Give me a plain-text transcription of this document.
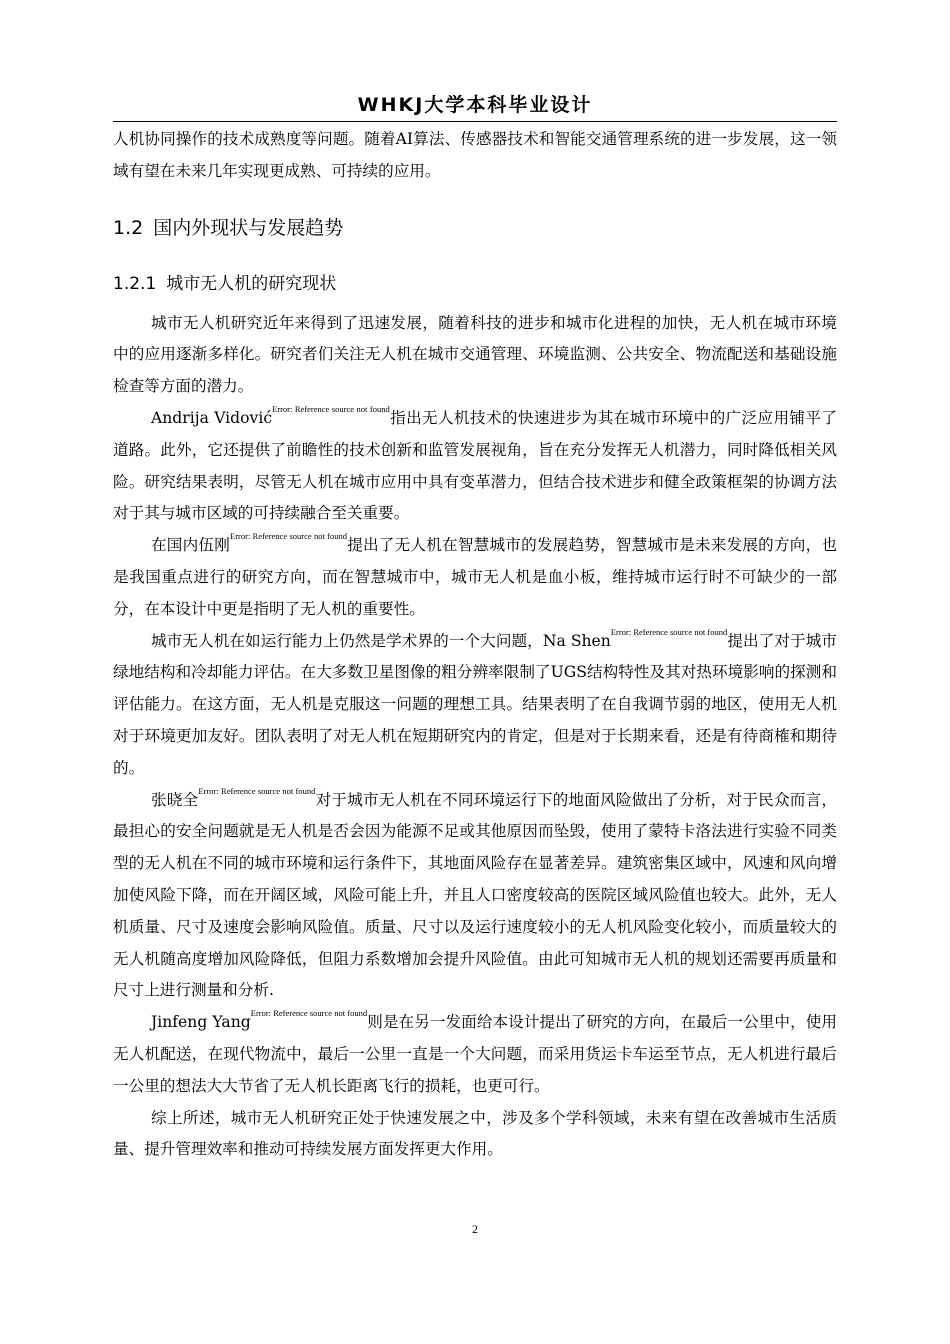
WHKJ大学本科毕业设计

人机协同操作的技术成熟度等问题。随着AI算法、传感器技术和智能交通管理系统的进一步发展，这一领域有望在未来几年实现更成熟、可持续的应用。

1.2 国内外现状与发展趋势
1.2.1 城市无人机的研究现状

城市无人机研究近年来得到了迅速发展，随着科技的进步和城市化进程的加快，无人机在城市环境中的应用逐渐多样化。研究者们关注无人机在城市交通管理、环境监测、公共安全、物流配送和基础设施检查等方面的潜力。

Andrija Vidović$^{Error: Reference source not found}$指出无人机技术的快速进步为其在城市环境中的广泛应用铺平了道路。此外，它还提供了前瞻性的技术创新和监管发展视角，旨在充分发挥无人机潜力，同时降低相关风险。研究结果表明，尽管无人机在城市应用中具有变革潜力，但结合技术进步和健全政策框架的协调方法对于其与城市区域的可持续融合至关重要。

在国内伍刚$^{Error: Reference source not found}$提出了无人机在智慧城市的发展趋势，智慧城市是未来发展的方向，也是我国重点进行的研究方向，而在智慧城市中，城市无人机是血小板，维持城市运行时不可缺少的一部分，在本设计中更是指明了无人机的重要性。

城市无人机在如运行能力上仍然是学术界的一个大问题，Na Shen$^{Error: Reference source not found}$提出了对于城市绿地结构和冷却能力评估。在大多数卫星图像的粗分辨率限制了UGS结构特性及其对热环境影响的探测和评估能力。在这方面，无人机是克服这一问题的理想工具。结果表明了在自我调节弱的地区，使用无人机对于环境更加友好。团队表明了对无人机在短期研究内的肯定，但是对于长期来看，还是有待商榷和期待的。

张晓全$^{Error: Reference source not found}$对于城市无人机在不同环境运行下的地面风险做出了分析，对于民众而言，最担心的安全问题就是无人机是否会因为能源不足或其他原因而坠毁，使用了蒙特卡洛法进行实验不同类型的无人机在不同的城市环境和运行条件下，其地面风险存在显著差异。建筑密集区域中，风速和风向增加使风险下降，而在开阔区域，风险可能上升，并且人口密度较高的医院区域风险值也较大。此外，无人机质量、尺寸及速度会影响风险值。质量、尺寸以及运行速度较小的无人机风险变化较小，而质量较大的无人机随高度增加风险降低，但阻力系数增加会提升风险值。由此可知城市无人机的规划还需要再质量和尺寸上进行测量和分析.

Jinfeng Yang$^{Error: Reference source not found}$则是在另一发面给本设计提出了研究的方向，在最后一公里中，使用无人机配送，在现代物流中，最后一公里一直是一个大问题，而采用货运卡车运至节点，无人机进行最后一公里的想法大大节省了无人机长距离飞行的损耗，也更可行。

综上所述，城市无人机研究正处于快速发展之中，涉及多个学科领域，未来有望在改善城市生活质量、提升管理效率和推动可持续发展方面发挥更大作用。

2
